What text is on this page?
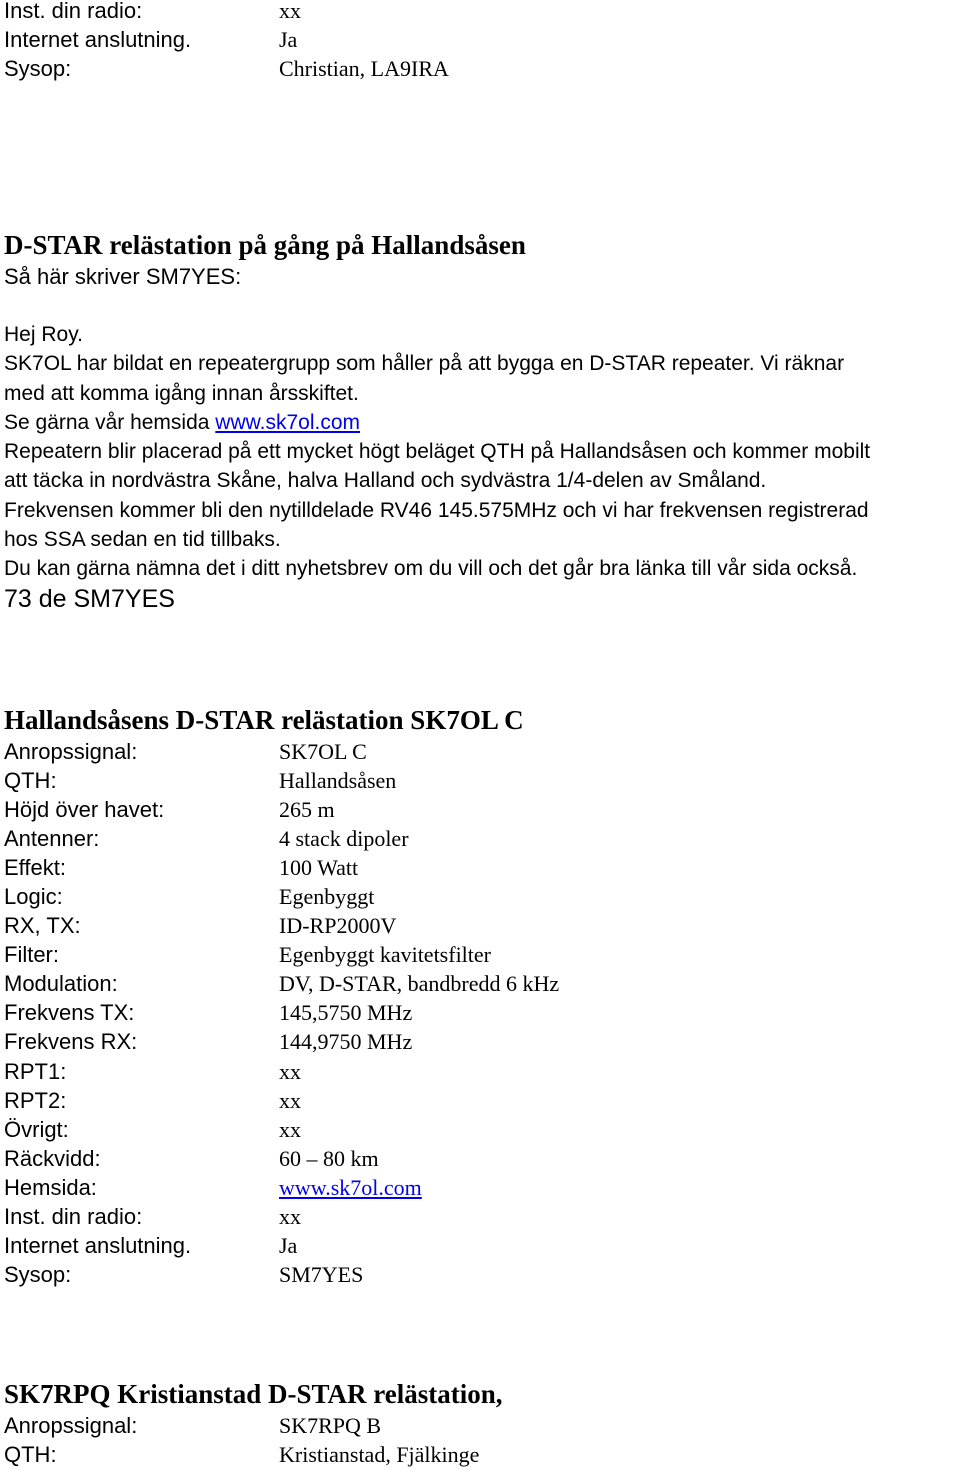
Inst. din radio:	xx
Internet anslutning.	Ja
Sysop:	Christian, LA9IRA
D-STAR relästation på gång på Hallandsåsen
Så här skriver SM7YES:

Hej Roy.

SK7OL har bildat en repeatergrupp som håller på att bygga en D-STAR repeater. Vi räknar

med att komma igång innan årsskiftet.

Se gärna vår hemsida www.sk7ol.com

Repeatern blir placerad på ett mycket högt beläget QTH på Hallandsåsen och kommer mobilt

att täcka in nordvästra Skåne, halva Halland och sydvästra 1/4-delen av Småland.

Frekvensen kommer bli den nytilldelade RV46 145.575MHz och vi har frekvensen registrerad

hos SSA sedan en tid tillbaks.

Du kan gärna nämna det i ditt nyhetsbrev om du vill och det går bra länka till vår sida också.

73 de SM7YES

Hallandsåsens D-STAR relästation SK7OL C
Anropssignal:	SK7OL C
QTH:	Hallandsåsen
Höjd över havet:	265 m
Antenner:	4 stack dipoler
Effekt:	100 Watt
Logic:	Egenbyggt
RX, TX:	ID-RP2000V
Filter:	Egenbyggt kavitetsfilter
Modulation:	DV, D-STAR, bandbredd 6 kHz
Frekvens TX:	145,5750 MHz
Frekvens RX:	144,9750 MHz
RPT1:	xx
RPT2:	xx
Övrigt:	xx
Räckvidd:	60 – 80 km
Hemsida:	www.sk7ol.com
Inst. din radio:	xx
Internet anslutning.	Ja
Sysop:	SM7YES
SK7RPQ Kristianstad D-STAR relästation,
Anropssignal:	SK7RPQ B
QTH:	Kristianstad, Fjälkinge
